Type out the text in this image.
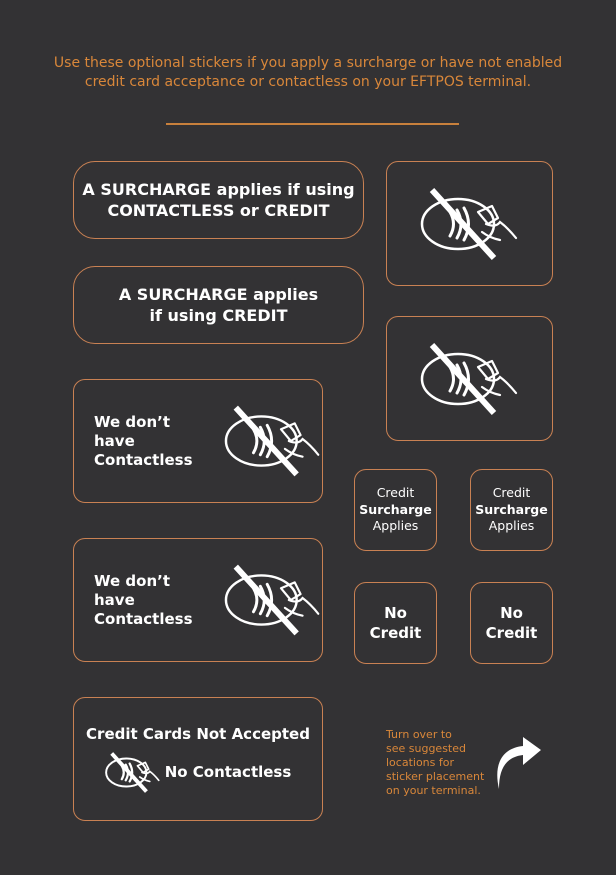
Use these optional stickers if you apply a surcharge or have not enabled
credit card acceptance or contactless on your EFTPOS terminal.
A SURCHARGE applies if using
CONTACTLESS or CREDIT
A SURCHARGE applies
if using CREDIT
We don’t have
Contactless
We don’t have
Contactless
Credit
Surcharge
Applies
Credit
Surcharge
Applies
No
Credit
No
Credit
Credit Cards Not Accepted
No Contactless
Turn over to
see suggested
locations for
sticker placement
on your terminal.
